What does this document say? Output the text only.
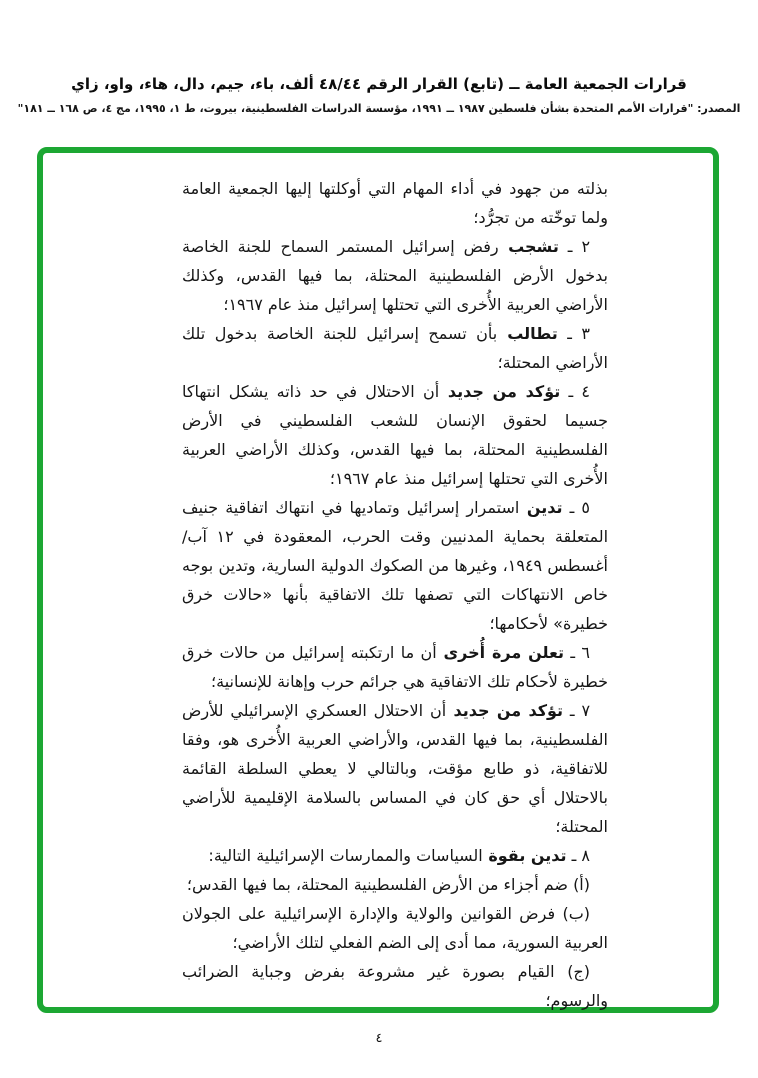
قرارات الجمعية العامة ــ (تابع) القرار الرقم ٤٨/٤٤ ألف، باء، جيم، دال، هاء، واو، زاي
المصدر: "قرارات الأمم المتحدة بشأن فلسطين ١٩٨٧ ــ ١٩٩١، مؤسسة الدراسات الفلسطينية، بيروت، ط ١، ١٩٩٥، مج ٤، ص ١٦٨ ــ ١٨١"

بذلته من جهود في أداء المهام التي أوكلتها إليها الجمعية العامة ولما توخّته من تجرُّد؛

٢ ـ تشجب رفض إسرائيل المستمر السماح للجنة الخاصة بدخول الأرض الفلسطينية المحتلة، بما فيها القدس، وكذلك الأراضي العربية الأُخرى التي تحتلها إسرائيل منذ عام ١٩٦٧؛

٣ ـ تطالب بأن تسمح إسرائيل للجنة الخاصة بدخول تلك الأراضي المحتلة؛

٤ ـ تؤكد من جديد أن الاحتلال في حد ذاته يشكل انتهاكا جسيما لحقوق الإنسان للشعب الفلسطيني في الأرض الفلسطينية المحتلة، بما فيها القدس، وكذلك الأراضي العربية الأُخرى التي تحتلها إسرائيل منذ عام ١٩٦٧؛

٥ ـ تدين استمرار إسرائيل وتماديها في انتهاك اتفاقية جنيف المتعلقة بحماية المدنيين وقت الحرب، المعقودة في ١٢ آب/أغسطس ١٩٤٩، وغيرها من الصكوك الدولية السارية، وتدين بوجه خاص الانتهاكات التي تصفها تلك الاتفاقية بأنها «حالات خرق خطيرة» لأحكامها؛

٦ ـ تعلن مرة أُخرى أن ما ارتكبته إسرائيل من حالات خرق خطيرة لأحكام تلك الاتفاقية هي جرائم حرب وإهانة للإنسانية؛

٧ ـ تؤكد من جديد أن الاحتلال العسكري الإسرائيلي للأرض الفلسطينية، بما فيها القدس، والأراضي العربية الأُخرى هو، وفقا للاتفاقية، ذو طابع مؤقت، وبالتالي لا يعطي السلطة القائمة بالاحتلال أي حق كان في المساس بالسلامة الإقليمية للأراضي المحتلة؛

٨ ـ تدين بقوة السياسات والممارسات الإسرائيلية التالية:

(أ) ضم أجزاء من الأرض الفلسطينية المحتلة، بما فيها القدس؛

(ب) فرض القوانين والولاية والإدارة الإسرائيلية على الجولان العربية السورية، مما أدى إلى الضم الفعلي لتلك الأراضي؛

(ج) القيام بصورة غير مشروعة بفرض وجباية الضرائب والرسوم؛

٤
